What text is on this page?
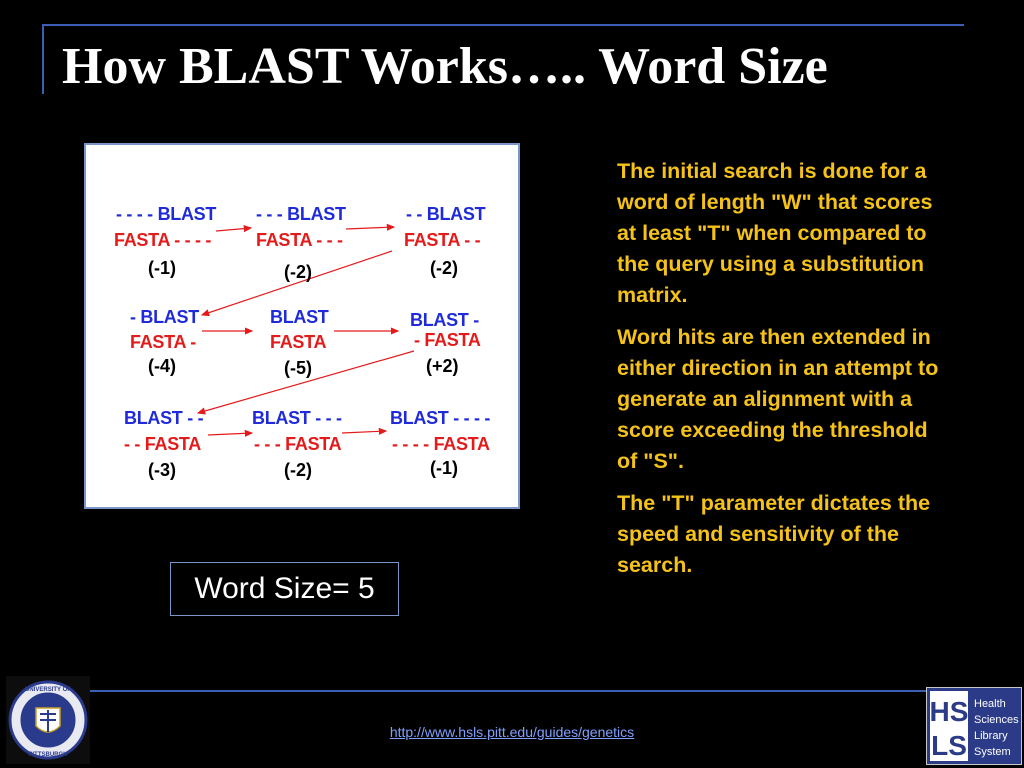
How BLAST Works….. Word Size
- - - - BLAST
FASTA - - - -
(-1)
- - - BLAST
FASTA - - -
(-2)
- - BLAST
FASTA - -
(-2)
- BLAST
FASTA -
(-4)
BLAST
FASTA
(-5)
BLAST -
- FASTA
(+2)
BLAST - -
- - FASTA
(-3)
BLAST - - -
- - - FASTA
(-2)
BLAST - - - -
- - - - FASTA
(-1)
Word Size= 5

The initial search is done for a word of length "W" that scores at least "T" when compared to the query using a substitution matrix.

Word hits are then extended in either direction in an attempt to generate an alignment with a score exceeding the threshold of "S".

The "T" parameter dictates the speed and sensitivity of the search.

UNIVERSITY OF
PITTSBURGH
http://www.hsls.pitt.edu/guides/genetics
HS
LS
Health
Sciences
Library
System
